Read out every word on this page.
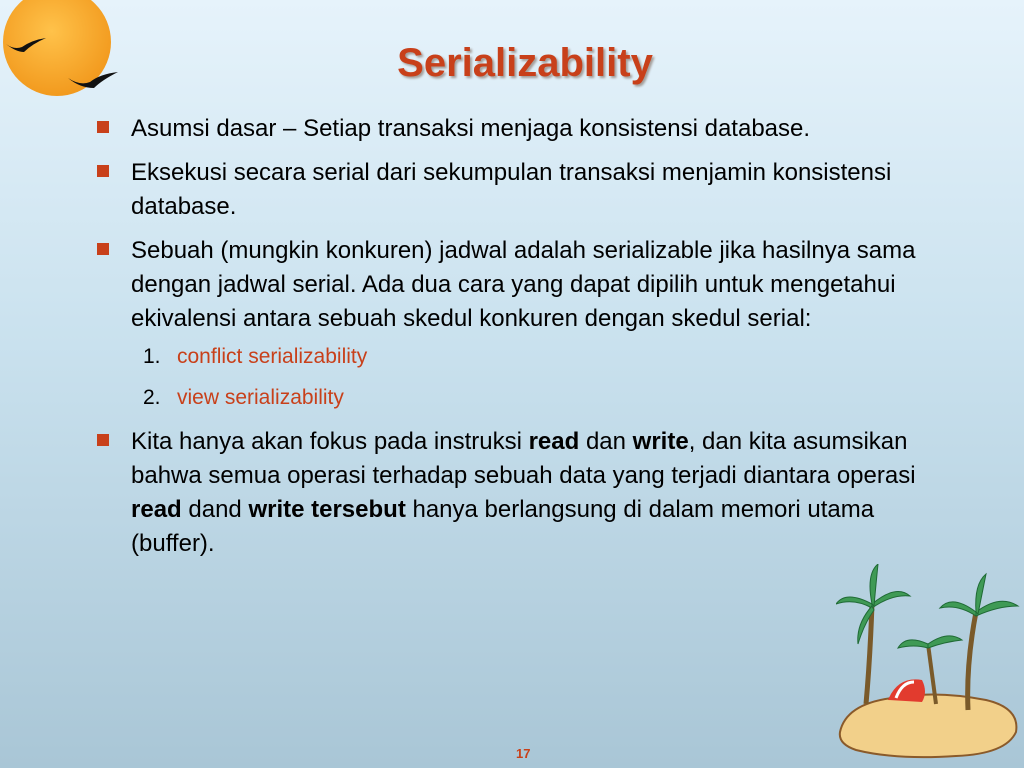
Serializability
Asumsi dasar – Setiap transaksi menjaga konsistensi database.
Eksekusi secara serial dari sekumpulan transaksi menjamin konsistensi database.
Sebuah (mungkin konkuren) jadwal adalah serializable jika hasilnya sama dengan jadwal serial. Ada dua cara yang dapat dipilih untuk mengetahui ekivalensi antara sebuah skedul konkuren dengan skedul serial:
1. conflict serializability
2. view serializability
Kita hanya akan fokus pada instruksi read dan write, dan kita asumsikan bahwa semua operasi terhadap sebuah data yang terjadi diantara operasi read dand write tersebut hanya berlangsung di dalam memori utama (buffer).
17
